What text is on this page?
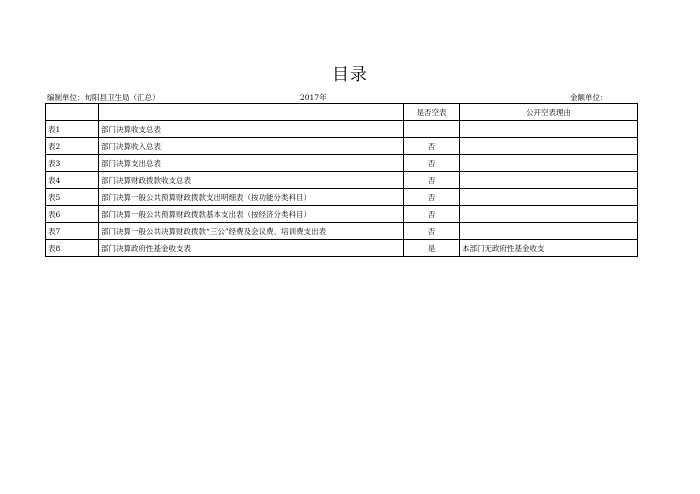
目录
编制单位：旬阳县卫生局（汇总）	2017年	金额单位：
		是否空表	公开空表理由
表1	部门决算收支总表		
表2	部门决算收入总表	否	
表3	部门决算支出总表	否	
表4	部门决算财政拨款收支总表	否	
表5	部门决算一般公共预算财政拨款支出明细表（按功能分类科目）	否	
表6	部门决算一般公共预算财政拨款基本支出表（按经济分类科目）	否	
表7	部门决算一般公共决算财政拨款“三公”经费及会议费、培训费支出表	否	
表8	部门决算政府性基金收支表	是	本部门无政府性基金收支
